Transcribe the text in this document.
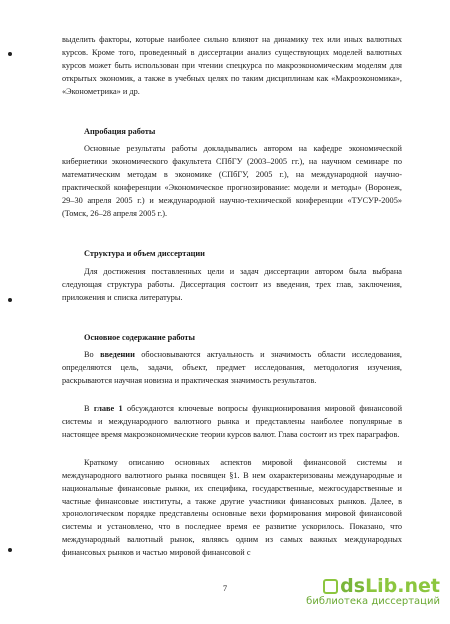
выделить факторы, которые наиболее сильно влияют на динамику тех или иных валютных курсов. Кроме того, проведенный в диссертации анализ существующих моделей валютных курсов может быть использован при чтении спецкурса по макроэкономическим моделям для открытых экономик, а также в учебных целях по таким дисциплинам как «Макроэкономика», «Эконометрика» и др.

Апробация работы

Основные результаты работы докладывались автором на кафедре экономической кибернетики экономического факультета СПбГУ (2003–2005 гг.), на научном семинаре по математическим методам в экономике (СПбГУ, 2005 г.), на международной научно-практической конференции «Экономическое прогнозирование: модели и методы» (Воронеж, 29–30 апреля 2005 г.) и международной научно-технической конференции «ТУСУР-2005» (Томск, 26–28 апреля 2005 г.).

Структура и объем диссертации

Для достижения поставленных цели и задач диссертации автором была выбрана следующая структура работы. Диссертация состоит из введения, трех глав, заключения, приложения и списка литературы.

Основное содержание работы

Во введении обосновываются актуальность и значимость области исследования, определяются цель, задачи, объект, предмет исследования, методология изучения, раскрываются научная новизна и практическая значимость результатов.

В главе 1 обсуждаются ключевые вопросы функционирования мировой финансовой системы и международного валютного рынка и представлены наиболее популярные в настоящее время макроэкономические теории курсов валют. Глава состоит из трех параграфов.

Краткому описанию основных аспектов мировой финансовой системы и международного валютного рынка посвящен §1. В нем охарактеризованы международные и национальные финансовые рынки, их специфика, государственные, межгосударственные и частные финансовые институты, а также другие участники финансовых рынков. Далее, в хронологическом порядке представлены основные вехи формирования мировой финансовой системы и установлено, что в последнее время ее развитие ускорилось. Показано, что международный валютный рынок, являясь одним из самых важных международных финансовых рынков и частью мировой финансовой с

7	dsLib.net
библиотека диссертаций
